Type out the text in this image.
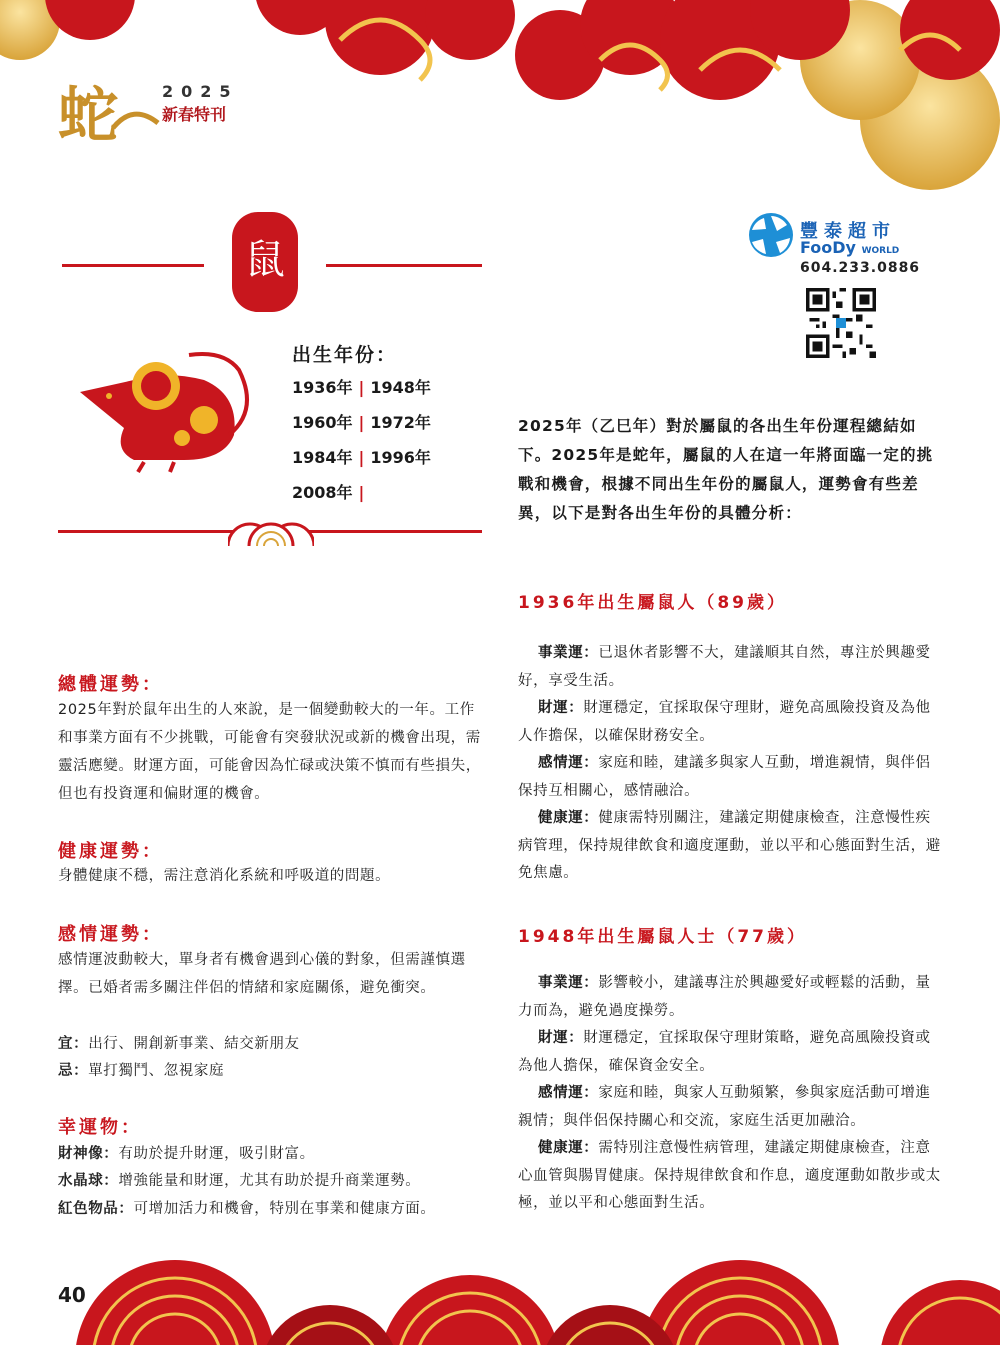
蛇	2025
新春特刊
鼠
出生年份：
1936年 | 1948年
1960年 | 1972年
1984年 | 1996年
2008年 |
豐泰超市
FooDy WORLD
604.233.0886
總體運勢：
2025年對於鼠年出生的人來說，是一個變動較大的一年。工作和事業方面有不少挑戰，可能會有突發狀況或新的機會出現，需靈活應變。財運方面，可能會因為忙碌或決策不慎而有些損失，但也有投資運和偏財運的機會。
健康運勢：
身體健康不穩，需注意消化系統和呼吸道的問題。
感情運勢：
感情運波動較大，單身者有機會遇到心儀的對象，但需謹慎選擇。已婚者需多關注伴侶的情緒和家庭關係，避免衝突。
宜：出行、開創新事業、結交新朋友
忌：單打獨鬥、忽視家庭
幸運物：
財神像：有助於提升財運，吸引財富。
水晶球：增強能量和財運，尤其有助於提升商業運勢。
紅色物品：可增加活力和機會，特別在事業和健康方面。
2025年（乙巳年）對於屬鼠的各出生年份運程總結如下。2025年是蛇年，屬鼠的人在這一年將面臨一定的挑戰和機會，根據不同出生年份的屬鼠人，運勢會有些差異，以下是對各出生年份的具體分析：
1936年出生屬鼠人（89歲）
事業運：已退休者影響不大，建議順其自然，專注於興趣愛好，享受生活。
財運：財運穩定，宜採取保守理財，避免高風險投資及為他人作擔保，以確保財務安全。
感情運：家庭和睦，建議多與家人互動，增進親情，與伴侶保持互相關心，感情融洽。
健康運：健康需特別關注，建議定期健康檢查，注意慢性疾病管理，保持規律飲食和適度運動，並以平和心態面對生活，避免焦慮。
1948年出生屬鼠人士（77歲）
事業運：影響較小，建議專注於興趣愛好或輕鬆的活動，量力而為，避免過度操勞。
財運：財運穩定，宜採取保守理財策略，避免高風險投資或為他人擔保，確保資金安全。
感情運：家庭和睦，與家人互動頻繁，參與家庭活動可增進親情；與伴侶保持關心和交流，家庭生活更加融洽。
健康運：需特別注意慢性病管理，建議定期健康檢查，注意心血管與腸胃健康。保持規律飲食和作息，適度運動如散步或太極，並以平和心態面對生活。
40
